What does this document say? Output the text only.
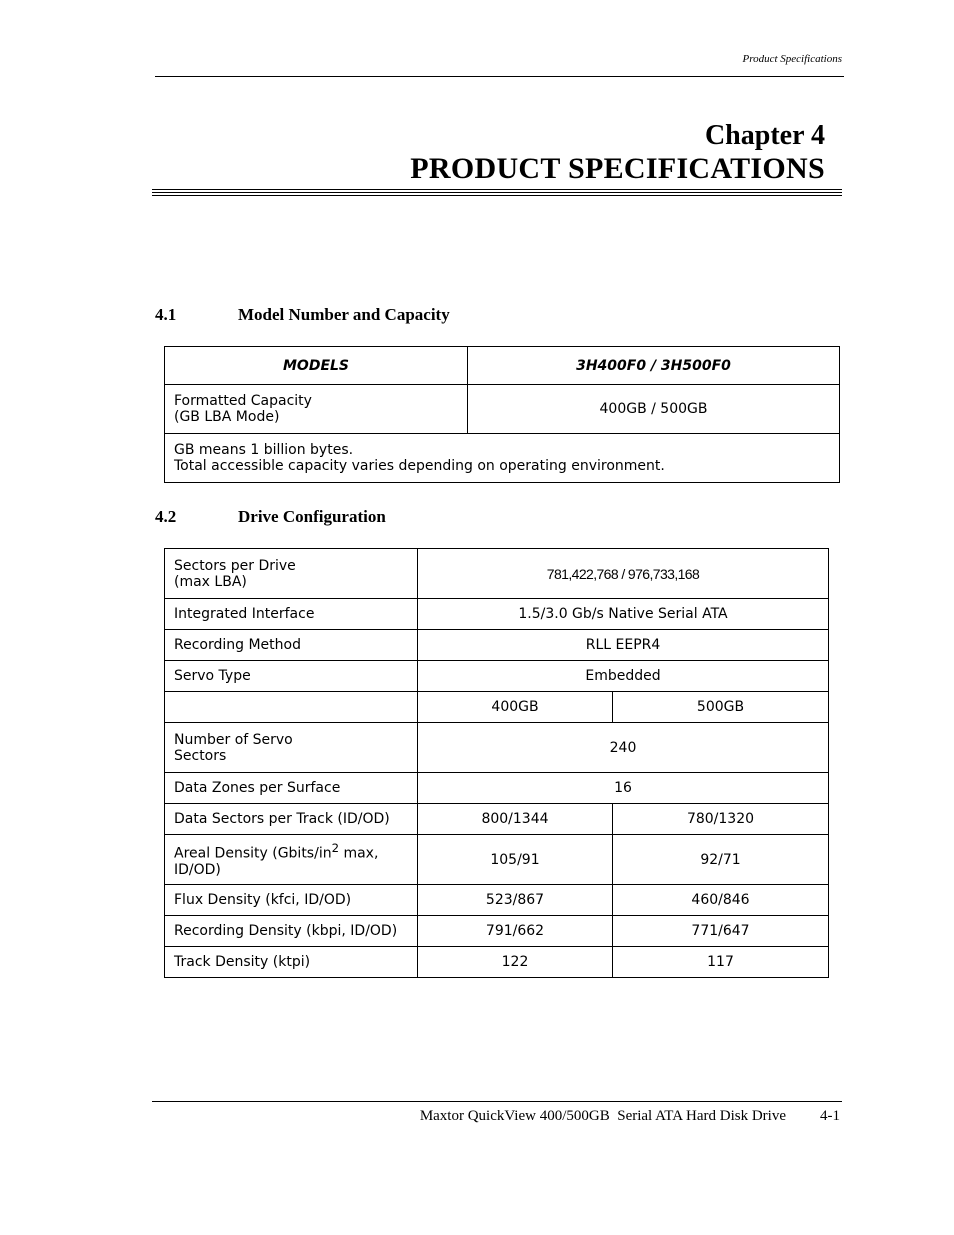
Product Specifications
Chapter 4
PRODUCT SPECIFICATIONS
4.1	Model Number and Capacity
MODELS	3H400F0 / 3H500F0
Formatted Capacity
(GB LBA Mode)	400GB / 500GB
GB means 1 billion bytes.
Total accessible capacity varies depending on operating environment.	
4.2	Drive Configuration
Sectors per Drive
(max LBA)	781,422,768 / 976,733,168	
Integrated Interface	1.5/3.0 Gb/s Native Serial ATA	
Recording Method	RLL EEPR4	
Servo Type	Embedded	
	400GB	500GB
Number of Servo
Sectors	240	
Data Zones per Surface	16	
Data Sectors per Track (ID/OD)	800/1344	780/1320
Areal Density ($Gbits/in^2$ max,
ID/OD)	105/91	92/71
Flux Density (kfci, ID/OD)	523/867	460/846
Recording Density (kbpi, ID/OD)	791/662	771/647
Track Density (ktpi)	122	117
Maxtor QuickView 400/500GB  Serial ATA Hard Disk Drive 4-1
